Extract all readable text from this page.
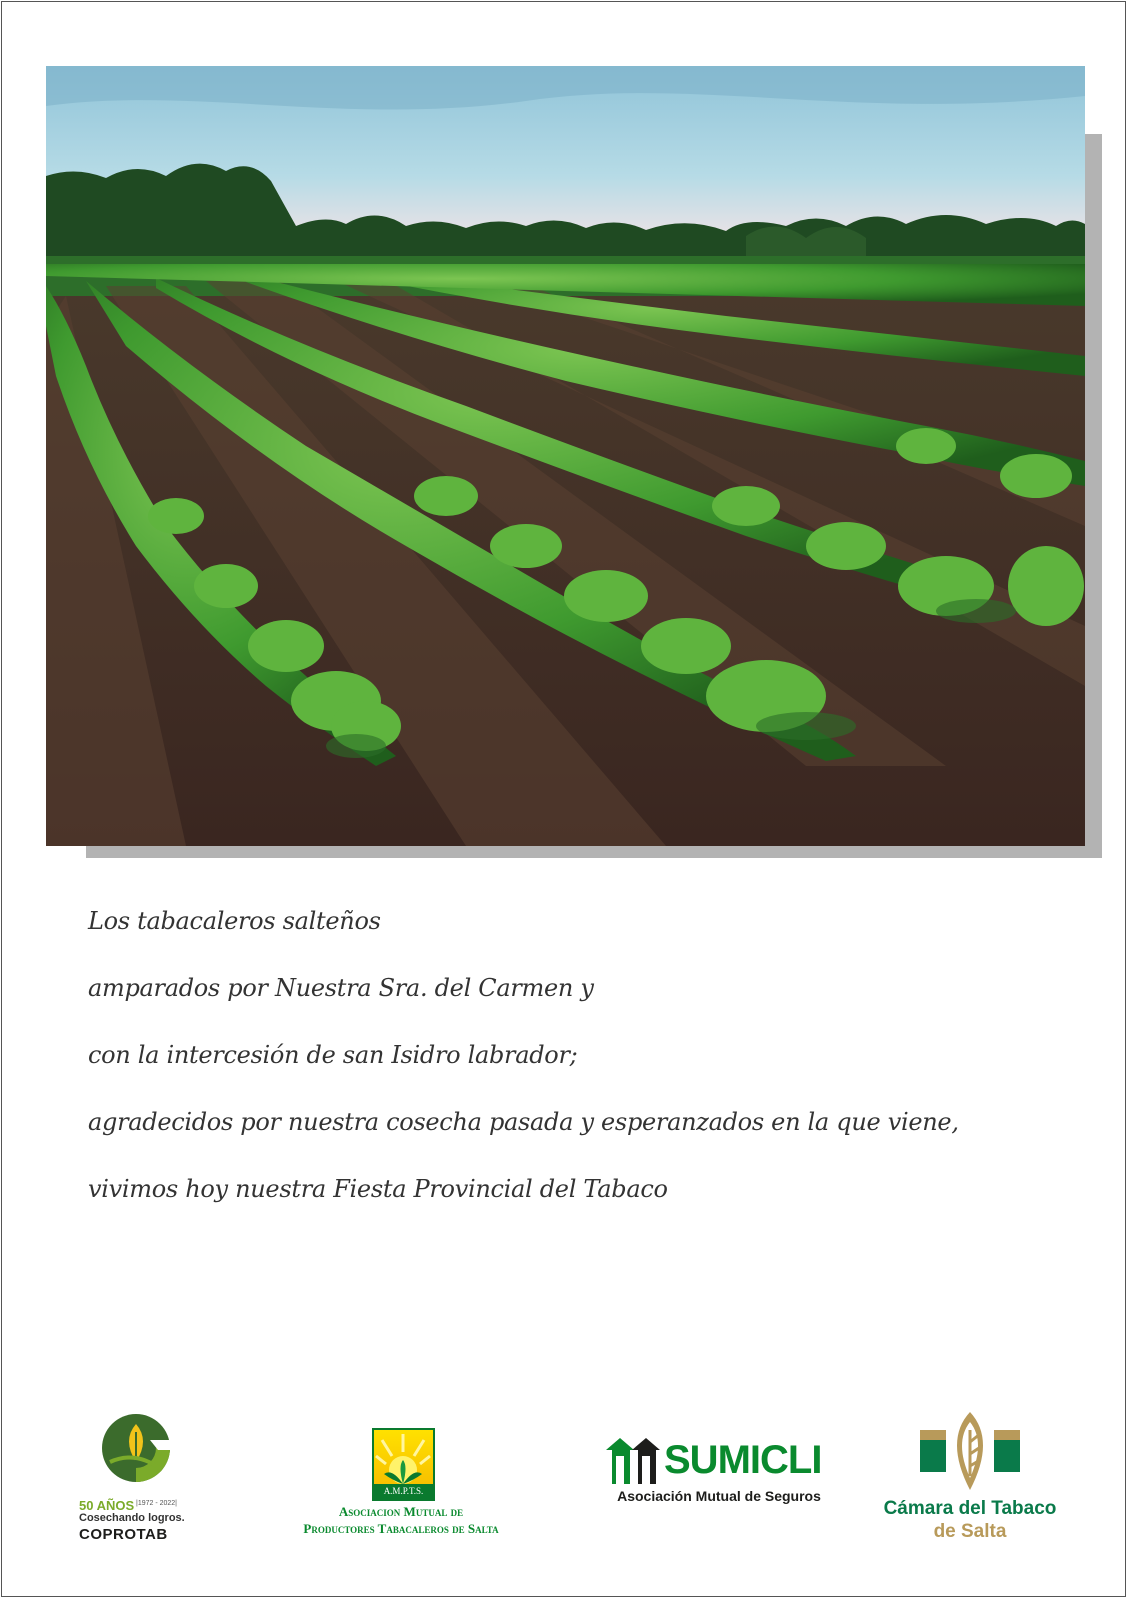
Los tabacaleros salteños
amparados por Nuestra Sra. del Carmen y
con la intercesión de san Isidro labrador;
agradecidos por nuestra cosecha pasada y esperanzados en la que viene,
vivimos hoy nuestra Fiesta Provincial del Tabaco
50 AÑOS |1972 - 2022|
Cosechando logros.
COPROTAB
A.M.P.T.S.
Asociacion Mutual de
Productores Tabacaleros de Salta
SUMICLI
Asociación Mutual de Seguros
Cámara del Tabaco
de Salta
